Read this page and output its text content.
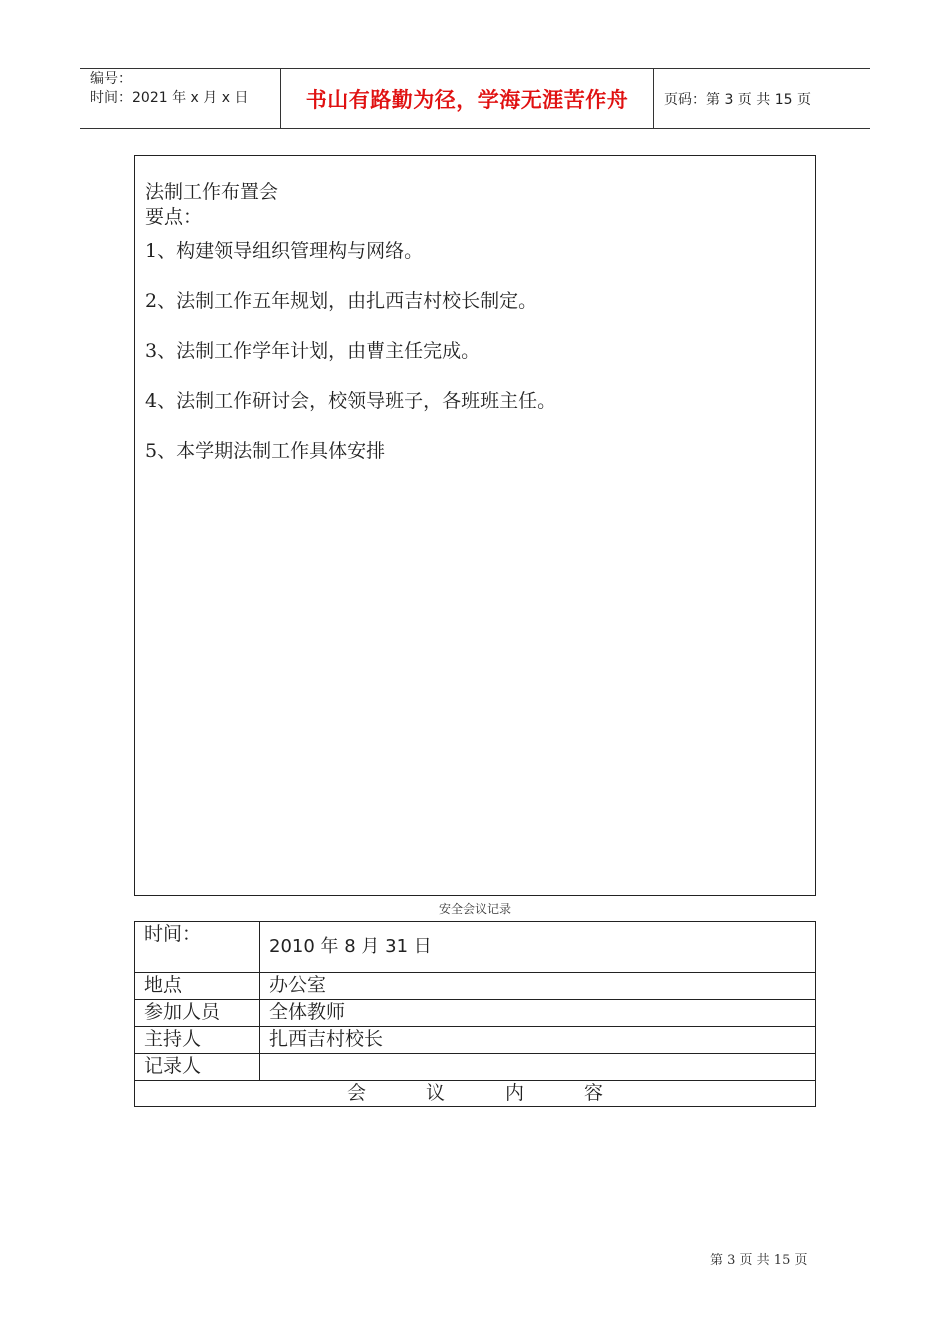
编号：
时间：2021 年 x 月 x 日	书山有路勤为径，学海无涯苦作舟	页码：第 3 页 共 15 页
法制工作布置会
要点：
1、构建领导组织管理构与网络。
2、法制工作五年规划，由扎西吉村校长制定。
3、法制工作学年计划，由曹主任完成。
4、法制工作研讨会，校领导班子，各班班主任。
5、本学期法制工作具体安排
安全会议记录
时间：	2010 年 8 月 31 日
地点	办公室
参加人员	全体教师
主持人	扎西吉村校长
记录人	
会 议 内 容	
第 3 页 共 15 页
